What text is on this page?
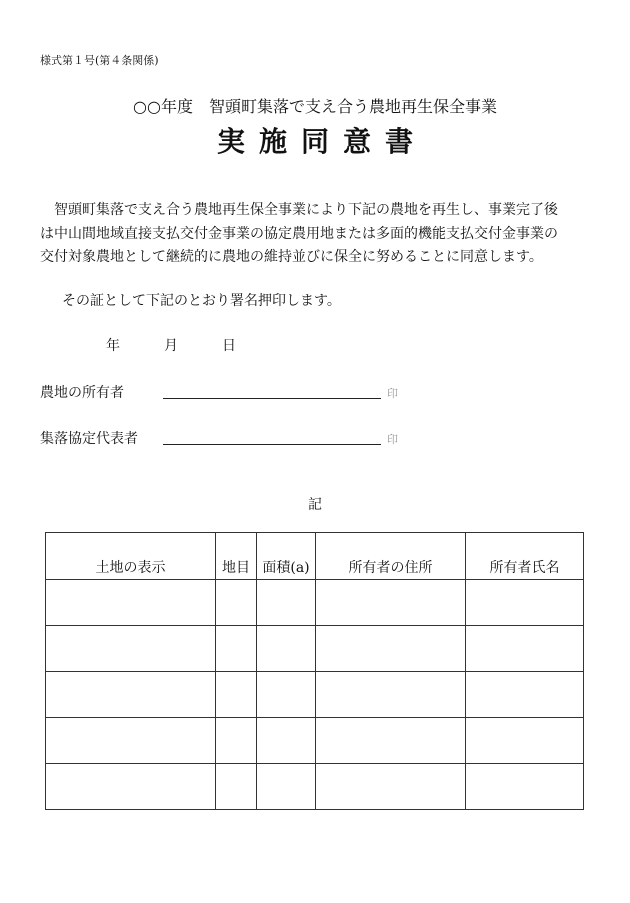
様式第１号(第４条関係)
○○年度　智頭町集落で支え合う農地再生保全事業
実施同意書

智頭町集落で支え合う農地再生保全事業により下記の農地を再生し、事業完了後

は中山間地域直接支払交付金事業の協定農用地または多面的機能支払交付金事業の

交付対象農地として継続的に農地の維持並びに保全に努めることに同意します。

その証として下記のとおり署名押印します。
年	月	日
農地の所有者	印
集落協定代表者	印
記
土地の表示	地目	面積(a)	所有者の住所	所有者氏名
